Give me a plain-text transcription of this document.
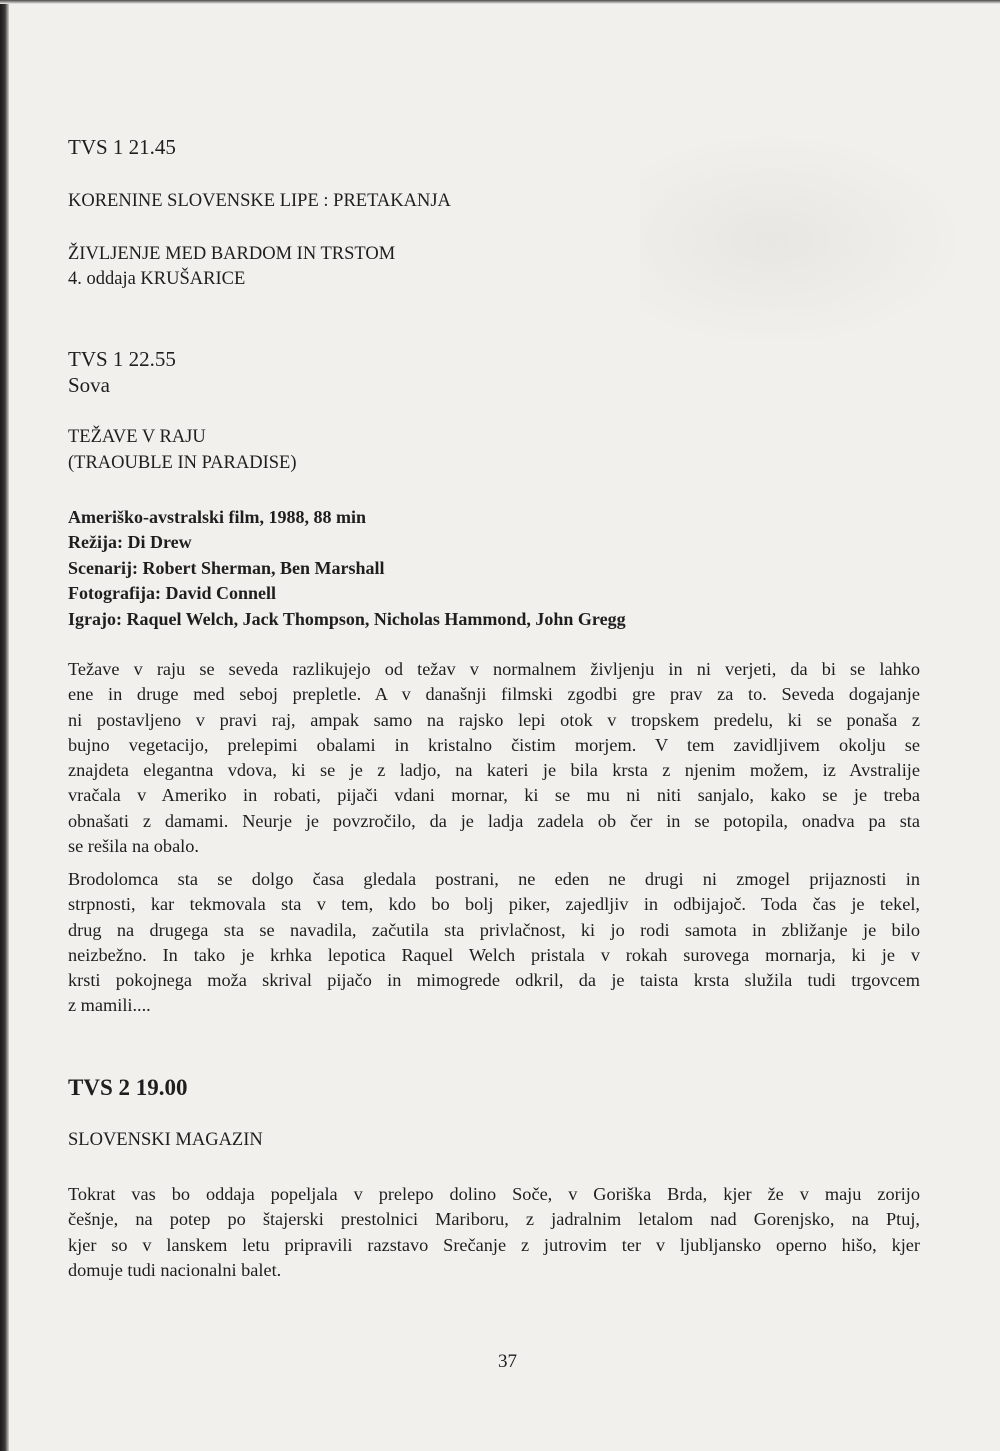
TVS 1 21.45

KORENINE SLOVENSKE LIPE : PRETAKANJA

ŽIVLJENJE MED BARDOM IN TRSTOM

4. oddaja KRUŠARICE

TVS 1 22.55

Sova

TEŽAVE V RAJU

(TRAOUBLE IN PARADISE)

Ameriško-avstralski film, 1988, 88 min

Režija: Di Drew

Scenarij: Robert Sherman, Ben Marshall

Fotografija: David Connell

Igrajo: Raquel Welch, Jack Thompson, Nicholas Hammond, John Gregg

Težave v raju se seveda razlikujejo od težav v normalnem življenju in ni verjeti, da bi se lahko
ene in druge med seboj prepletle. A v današnji filmski zgodbi gre prav za to. Seveda dogajanje
ni postavljeno v pravi raj, ampak samo na rajsko lepi otok v tropskem predelu, ki se ponaša z
bujno vegetacijo, prelepimi obalami in kristalno čistim morjem. V tem zavidljivem okolju se
znajdeta elegantna vdova, ki se je z ladjo, na kateri je bila krsta z njenim možem, iz Avstralije
vračala v Ameriko in robati, pijači vdani mornar, ki se mu ni niti sanjalo, kako se je treba
obnašati z damami. Neurje je povzročilo, da je ladja zadela ob čer in se potopila, onadva pa sta
se rešila na obalo.
Brodolomca sta se dolgo časa gledala postrani, ne eden ne drugi ni zmogel prijaznosti in
strpnosti, kar tekmovala sta v tem, kdo bo bolj piker, zajedljiv in odbijajoč. Toda čas je tekel,
drug na drugega sta se navadila, začutila sta privlačnost, ki jo rodi samota in zbližanje je bilo
neizbežno. In tako je krhka lepotica Raquel Welch pristala v rokah surovega mornarja, ki je v
krsti pokojnega moža skrival pijačo in mimogrede odkril, da je taista krsta služila tudi trgovcem
z mamili....
TVS 2 19.00

SLOVENSKI MAGAZIN

Tokrat vas bo oddaja popeljala v prelepo dolino Soče, v Goriška Brda, kjer že v maju zorijo
češnje, na potep po štajerski prestolnici Mariboru, z jadralnim letalom nad Gorenjsko, na Ptuj,
kjer so v lanskem letu pripravili razstavo Srečanje z jutrovim ter v ljubljansko operno hišo, kjer
domuje tudi nacionalni balet.
37
